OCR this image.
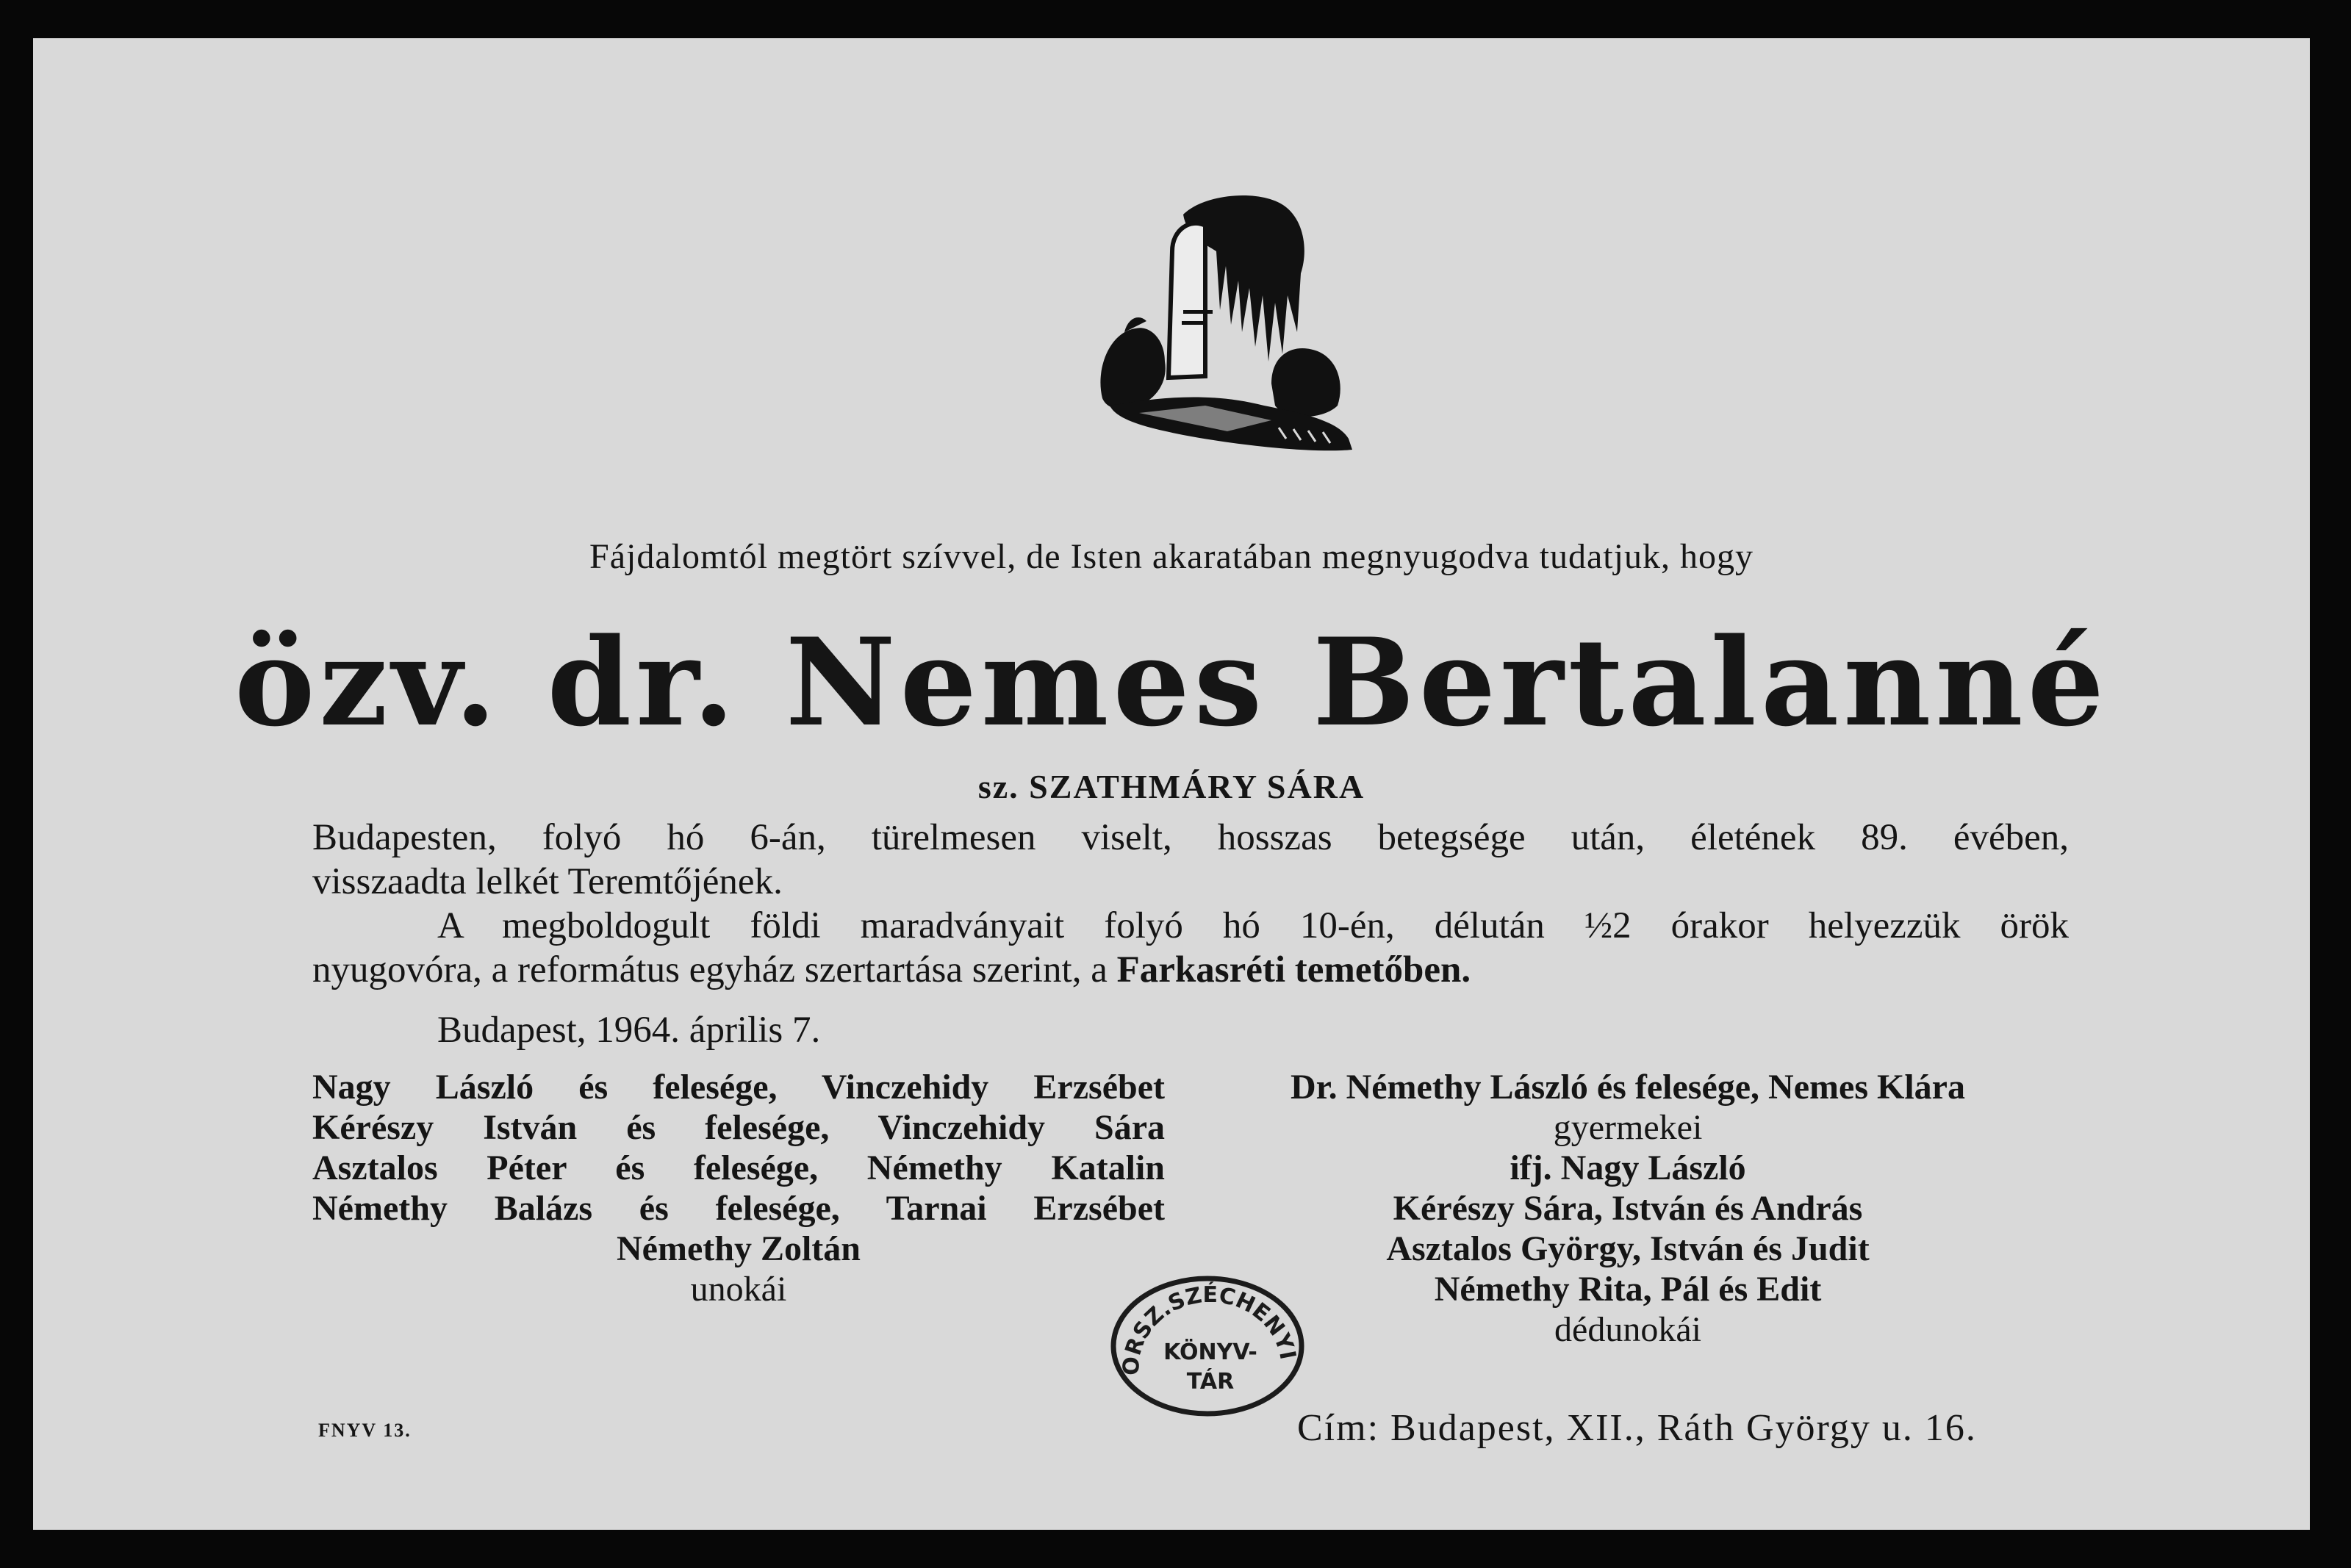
Fájdalomtól megtört szívvel, de Isten akaratában megnyugodva tudatjuk, hogy
özv. dr. Nemes Bertalanné
sz. SZATHMÁRY SÁRA
Budapesten, folyó hó 6-án, türelmesen viselt, hosszas betegsége után, életének 89. évében,
visszaadta lelkét Teremtőjének.
A megboldogult földi maradványait folyó hó 10-én, délután ½2 órakor helyezzük örök
nyugovóra, a református egyház szertartása szerint, a Farkasréti temetőben.
Budapest, 1964. április 7.
Nagy László és felesége, Vinczehidy Erzsébet
Kérészy István és felesége, Vinczehidy Sára
Asztalos Péter és felesége, Némethy Katalin
Némethy Balázs és felesége, Tarnai Erzsébet
Némethy Zoltán
unokái
Dr. Némethy László és felesége, Nemes Klára
gyermekei
ifj. Nagy László
Kérészy Sára, István és András
Asztalos György, István és Judit
Némethy Rita, Pál és Edit
dédunokái
ORSZ.SZÉCHENYI
KÖNYV-
TÁR
FNYV 13.	Cím: Budapest, XII., Ráth György u. 16.
